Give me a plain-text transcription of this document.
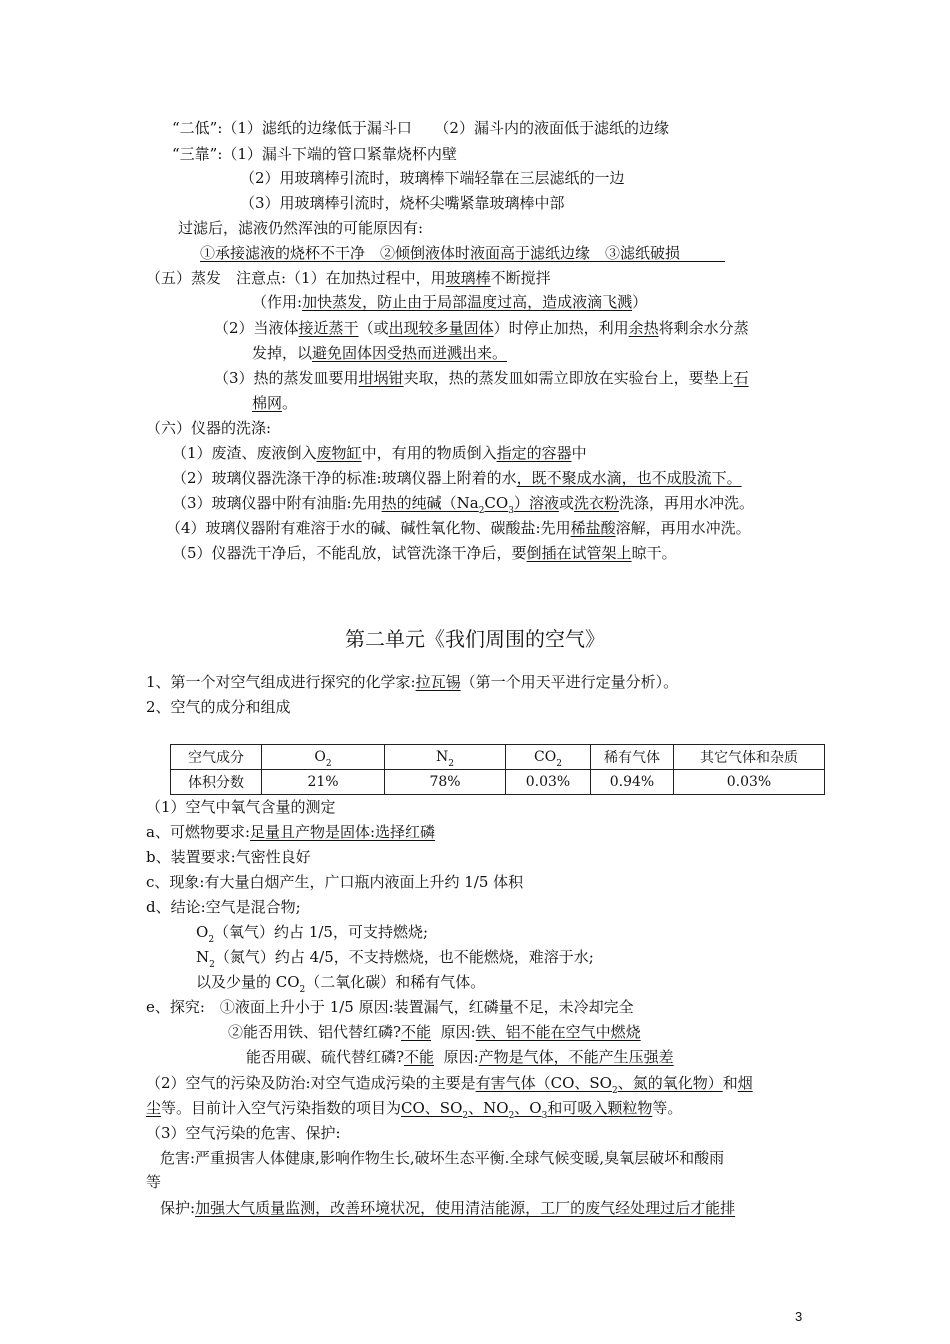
“二低”:（1）滤纸的边缘低于漏斗口　　（2）漏斗内的液面低于滤纸的边缘
“三靠”:（1）漏斗下端的管口紧靠烧杯内壁
（2）用玻璃棒引流时，玻璃棒下端轻靠在三层滤纸的一边
（3）用玻璃棒引流时，烧杯尖嘴紧靠玻璃棒中部
过滤后，滤液仍然浑浊的可能原因有:
①承接滤液的烧杯不干净　②倾倒液体时液面高于滤纸边缘　③滤纸破损　　　
（五）蒸发　注意点:（1）在加热过程中，用玻璃棒不断搅拌
（作用:加快蒸发，防止由于局部温度过高，造成液滴飞溅）
（2）当液体接近蒸干（或出现较多量固体）时停止加热，利用余热将剩余水分蒸
发掉，以避免固体因受热而迸溅出来。
（3）热的蒸发皿要用坩埚钳夹取，热的蒸发皿如需立即放在实验台上，要垫上石
棉网。
（六）仪器的洗涤:
（1）废渣、废液倒入废物缸中，有用的物质倒入指定的容器中
（2）玻璃仪器洗涤干净的标准:玻璃仪器上附着的水，既不聚成水滴，也不成股流下。
（3）玻璃仪器中附有油脂:先用热的纯碱$(Na_2CO_3)$溶液或洗衣粉洗涤，再用水冲洗。
（4）玻璃仪器附有难溶于水的碱、碱性氧化物、碳酸盐:先用稀盐酸溶解，再用水冲洗。
（5）仪器洗干净后，不能乱放，试管洗涤干净后，要倒插在试管架上晾干。
第二单元《我们周围的空气》
1、第一个对空气组成进行探究的化学家:拉瓦锡（第一个用天平进行定量分析）。
2、空气的成分和组成
空气成分	$O_2$	$N_2$	$CO_2$	稀有气体	其它气体和杂质
体积分数	21%	78%	0.03%	0.94%	0.03%
（1）空气中氧气含量的测定
a、可燃物要求:足量且产物是固体:选择红磷
b、装置要求:气密性良好
c、现象:有大量白烟产生，广口瓶内液面上升约 1/5 体积
d、结论:空气是混合物;
$O_2$（氧气）约占 1/5，可支持燃烧;
$N_2$（氮气）约占 4/5，不支持燃烧，也不能燃烧，难溶于水;
以及少量的 $CO_2$（二氧化碳）和稀有气体。
e、探究:　①液面上升小于 1/5 原因:装置漏气，红磷量不足，未冷却完全
②能否用铁、铝代替红磷?不能 原因:铁、铝不能在空气中燃烧
能否用碳、硫代替红磷?不能 原因:产物是气体，不能产生压强差
（2）空气的污染及防治:对空气造成污染的主要是有害气体（CO、$SO_2$、氮的氧化物）和烟
尘等。目前计入空气污染指数的项目为CO、$SO_2$、$NO_2$、$O_3$和可吸入颗粒物等。
（3）空气污染的危害、保护:
危害:严重损害人体健康,影响作物生长,破坏生态平衡.全球气候变暖,臭氧层破坏和酸雨
等
保护:加强大气质量监测，改善环境状况，使用清洁能源，工厂的废气经处理过后才能排
3
